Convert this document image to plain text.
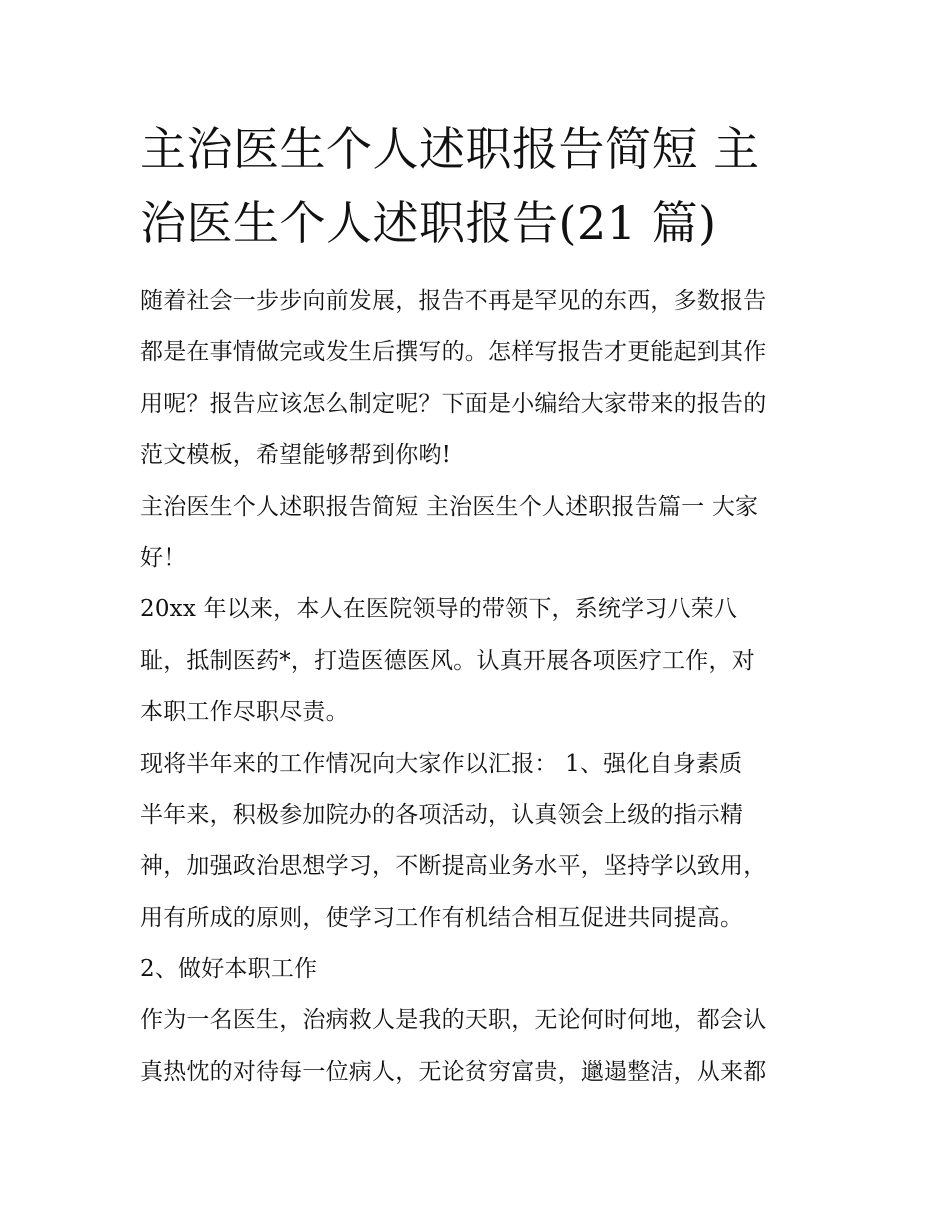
主治医生个人述职报告简短 主
治医生个人述职报告(21 篇)
随着社会一步步向前发展，报告不再是罕见的东西，多数报告
都是在事情做完或发生后撰写的。怎样写报告才更能起到其作
用呢？报告应该怎么制定呢？下面是小编给大家带来的报告的
范文模板，希望能够帮到你哟!
主治医生个人述职报告简短 主治医生个人述职报告篇一 大家
好！
20xx 年以来，本人在医院领导的带领下，系统学习八荣八
耻，抵制医药*，打造医德医风。认真开展各项医疗工作，对
本职工作尽职尽责。
现将半年来的工作情况向大家作以汇报： 1、强化自身素质
半年来，积极参加院办的各项活动，认真领会上级的指示精
神，加强政治思想学习，不断提高业务水平，坚持学以致用，
用有所成的原则，使学习工作有机结合相互促进共同提高。
2、做好本职工作
作为一名医生，治病救人是我的天职，无论何时何地，都会认
真热忱的对待每一位病人，无论贫穷富贵，邋遢整洁，从来都
